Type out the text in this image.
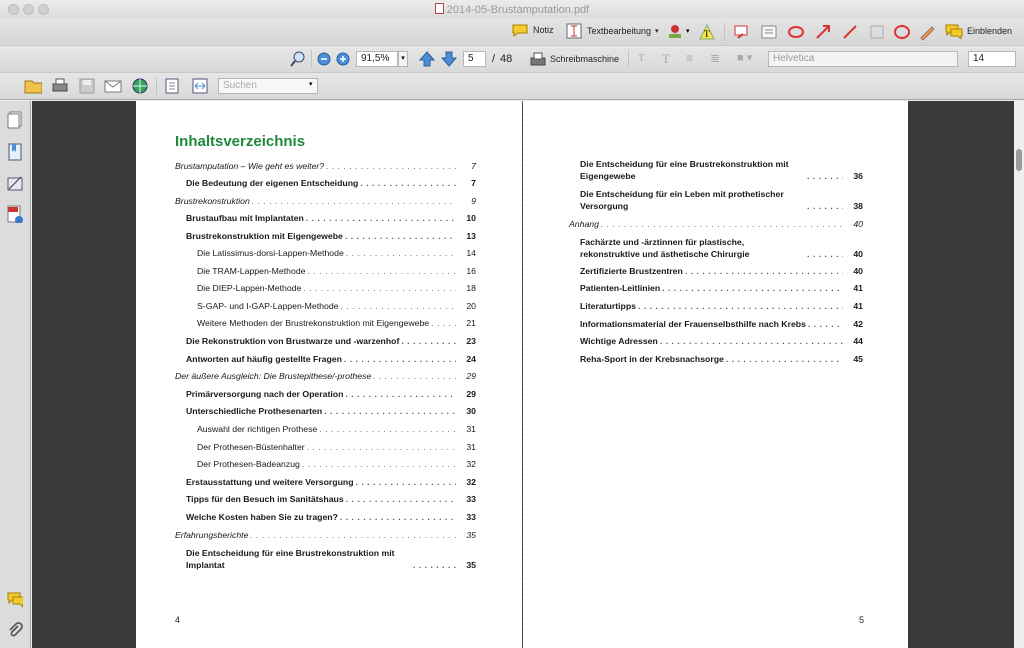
2014-05-Brustamputation.pdf
Notiz	Textbearbeitung ▾	▾ T	Einblenden
91,5%	▾	5	/ 48	Schreibmaschine T T ≡ ≣ ■ ▾	Helvetica	14
Suchen	▾
Inhaltsverzeichnis
Brustamputation – Wie geht es weiter? . . .	7
Die Bedeutung der eigenen Entscheidung . . .	7
Brustrekonstruktion . . .	9
Brustaufbau mit Implantaten . . .	10
Brustrekonstruktion mit Eigengewebe . . .	13
Die Latissimus-dorsi-Lappen-Methode . . .	14
Die TRAM-Lappen-Methode . . .	16
Die DIEP-Lappen-Methode . . .	18
S-GAP- und I-GAP-Lappen-Methode . . .	20
Weitere Methoden der Brustrekonstruktion mit Eigengewebe . . .	21
Die Rekonstruktion von Brustwarze und -warzenhof . . .	23
Antworten auf häufig gestellte Fragen . . .	24
Der äußere Ausgleich: Die Brustepithese/-prothese . . .	29
Primärversorgung nach der Operation . . .	29
Unterschiedliche Prothesenarten . . .	30
Auswahl der richtigen Prothese . . .	31
Der Prothesen-Büstenhalter . . .	31
Der Prothesen-Badeanzug . . .	32
Erstausstattung und weitere Versorgung . . .	32
Tipps für den Besuch im Sanitätshaus . . .	33
Welche Kosten haben Sie zu tragen? . . .	33
Erfahrungsberichte . . .	35
Die Entscheidung für eine Brustrekonstruktion mit Implantat . . .	35
4
Die Entscheidung für eine Brustrekonstruktion mit Eigengewebe . . .	36
Die Entscheidung für ein Leben mit prothetischer Versorgung . . .	38
Anhang . . .	40
Fachärzte und -ärztinnen für plastische, rekonstruktive und ästhetische Chirurgie . . .	40
Zertifizierte Brustzentren . . .	40
Patienten-Leitlinien . . .	41
Literaturtipps . . .	41
Informationsmaterial der Frauenselbsthilfe nach Krebs . . .	42
Wichtige Adressen . . .	44
Reha-Sport in der Krebsnachsorge . . .	45
5
